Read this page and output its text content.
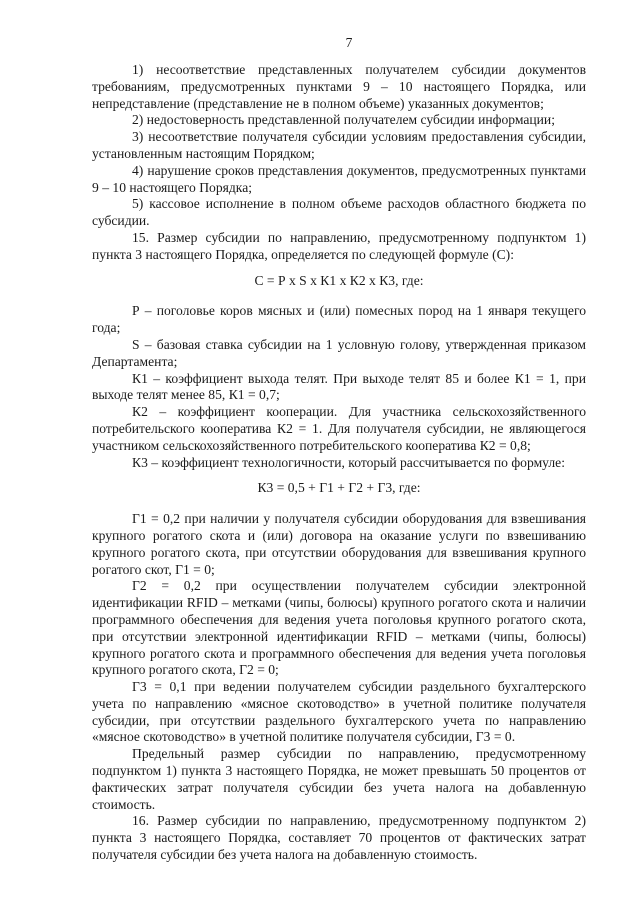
7

1) несоответствие представленных получателем субсидии документов требованиям, предусмотренных пунктами 9 – 10 настоящего Порядка, или непредставление (представление не в полном объеме) указанных документов;

2) недостоверность представленной получателем субсидии информации;

3) несоответствие получателя субсидии условиям предоставления субсидии, установленным настоящим Порядком;

4) нарушение сроков представления документов, предусмотренных пунктами 9 – 10 настоящего Порядка;

5) кассовое исполнение в полном объеме расходов областного бюджета по субсидии.

15. Размер субсидии по направлению, предусмотренному подпунктом 1) пункта 3 настоящего Порядка, определяется по следующей формуле (С):

С = Р х S х К1 х К2 х К3, где:

Р – поголовье коров мясных и (или) помесных пород на 1 января текущего года;

S – базовая ставка субсидии на 1 условную голову, утвержденная приказом Департамента;

К1 – коэффициент выхода телят. При выходе телят 85 и более К1 = 1, при выходе телят менее 85, К1 = 0,7;

К2 – коэффициент кооперации. Для участника сельскохозяйственного потребительского кооператива К2 = 1. Для получателя субсидии, не являющегося участником сельскохозяйственного потребительского кооператива К2 = 0,8;

К3 – коэффициент технологичности, который рассчитывается по формуле:

К3 = 0,5 + Г1 + Г2 + Г3, где:

Г1 = 0,2 при наличии у получателя субсидии оборудования для взвешивания крупного рогатого скота и (или) договора на оказание услуги по взвешиванию крупного рогатого скота, при отсутствии оборудования для взвешивания крупного рогатого скот, Г1 = 0;

Г2 = 0,2 при осуществлении получателем субсидии электронной идентификации RFID – метками (чипы, болюсы) крупного рогатого скота и наличии программного обеспечения для ведения учета поголовья крупного рогатого скота, при отсутствии электронной идентификации RFID – метками (чипы, болюсы) крупного рогатого скота и программного обеспечения для ведения учета поголовья крупного рогатого скота, Г2 = 0;

Г3 = 0,1 при ведении получателем субсидии раздельного бухгалтерского учета по направлению «мясное скотоводство» в учетной политике получателя субсидии, при отсутствии раздельного бухгалтерского учета по направлению «мясное скотоводство» в учетной политике получателя субсидии, Г3 = 0.

Предельный размер субсидии по направлению, предусмотренному подпунктом 1) пункта 3 настоящего Порядка, не может превышать 50 процентов от фактических затрат получателя субсидии без учета налога на добавленную стоимость.

16. Размер субсидии по направлению, предусмотренному подпунктом 2) пункта 3 настоящего Порядка, составляет 70 процентов от фактических затрат получателя субсидии без учета налога на добавленную стоимость.
